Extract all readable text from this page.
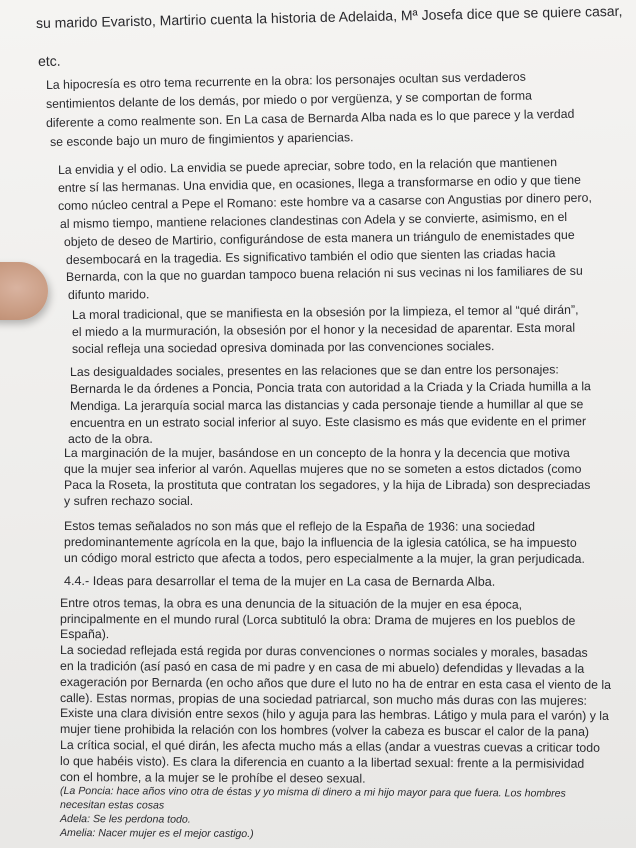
su marido Evaristo, Martirio cuenta la historia de Adelaida, Mª Josefa dice que se quiere casar,
etc.
La hipocresía es otro tema recurrente en la obra: los personajes ocultan sus verdaderos
sentimientos delante de los demás, por miedo o por vergüenza, y se comportan de forma
diferente a como realmente son. En La casa de Bernarda Alba nada es lo que parece y la verdad
se esconde bajo un muro de fingimientos y apariencias.
La envidia y el odio. La envidia se puede apreciar, sobre todo, en la relación que mantienen
entre sí las hermanas. Una envidia que, en ocasiones, llega a transformarse en odio y que tiene
como núcleo central a Pepe el Romano: este hombre va a casarse con Angustias por dinero pero,
al mismo tiempo, mantiene relaciones clandestinas con Adela y se convierte, asimismo, en el
objeto de deseo de Martirio, configurándose de esta manera un triángulo de enemistades que
desembocará en la tragedia. Es significativo también el odio que sienten las criadas hacia
Bernarda, con la que no guardan tampoco buena relación ni sus vecinas ni los familiares de su
difunto marido.
La moral tradicional, que se manifiesta en la obsesión por la limpieza, el temor al “qué dirán”,
el miedo a la murmuración, la obsesión por el honor y la necesidad de aparentar. Esta moral
social refleja una sociedad opresiva dominada por las convenciones sociales.
Las desigualdades sociales, presentes en las relaciones que se dan entre los personajes:
Bernarda le da órdenes a Poncia, Poncia trata con autoridad a la Criada y la Criada humilla a la
Mendiga. La jerarquía social marca las distancias y cada personaje tiende a humillar al que se
encuentra en un estrato social inferior al suyo. Este clasismo es más que evidente en el primer
acto de la obra.
La marginación de la mujer, basándose en un concepto de la honra y la decencia que motiva
que la mujer sea inferior al varón. Aquellas mujeres que no se someten a estos dictados (como
Paca la Roseta, la prostituta que contratan los segadores, y la hija de Librada) son despreciadas
y sufren rechazo social.
Estos temas señalados no son más que el reflejo de la España de 1936: una sociedad
predominantemente agrícola en la que, bajo la influencia de la iglesia católica, se ha impuesto
un código moral estricto que afecta a todos, pero especialmente a la mujer, la gran perjudicada.
4.4.- Ideas para desarrollar el tema de la mujer en La casa de Bernarda Alba.
Entre otros temas, la obra es una denuncia de la situación de la mujer en esa época,
principalmente en el mundo rural (Lorca subtituló la obra: Drama de mujeres en los pueblos de
España).
La sociedad reflejada está regida por duras convenciones o normas sociales y morales, basadas
en la tradición (así pasó en casa de mi padre y en casa de mi abuelo) defendidas y llevadas a la
exageración por Bernarda (en ocho años que dure el luto no ha de entrar en esta casa el viento de la
calle). Estas normas, propias de una sociedad patriarcal, son mucho más duras con las mujeres:
Existe una clara división entre sexos (hilo y aguja para las hembras. Látigo y mula para el varón) y la
mujer tiene prohibida la relación con los hombres (volver la cabeza es buscar el calor de la pana)
La crítica social, el qué dirán, les afecta mucho más a ellas (andar a vuestras cuevas a criticar todo
lo que habéis visto). Es clara la diferencia en cuanto a la libertad sexual: frente a la permisividad
con el hombre, a la mujer se le prohíbe el deseo sexual.
(La Poncia: hace años vino otra de éstas y yo misma di dinero a mi hijo mayor para que fuera. Los hombres
necesitan estas cosas
Adela: Se les perdona todo.
Amelia: Nacer mujer es el mejor castigo.)
